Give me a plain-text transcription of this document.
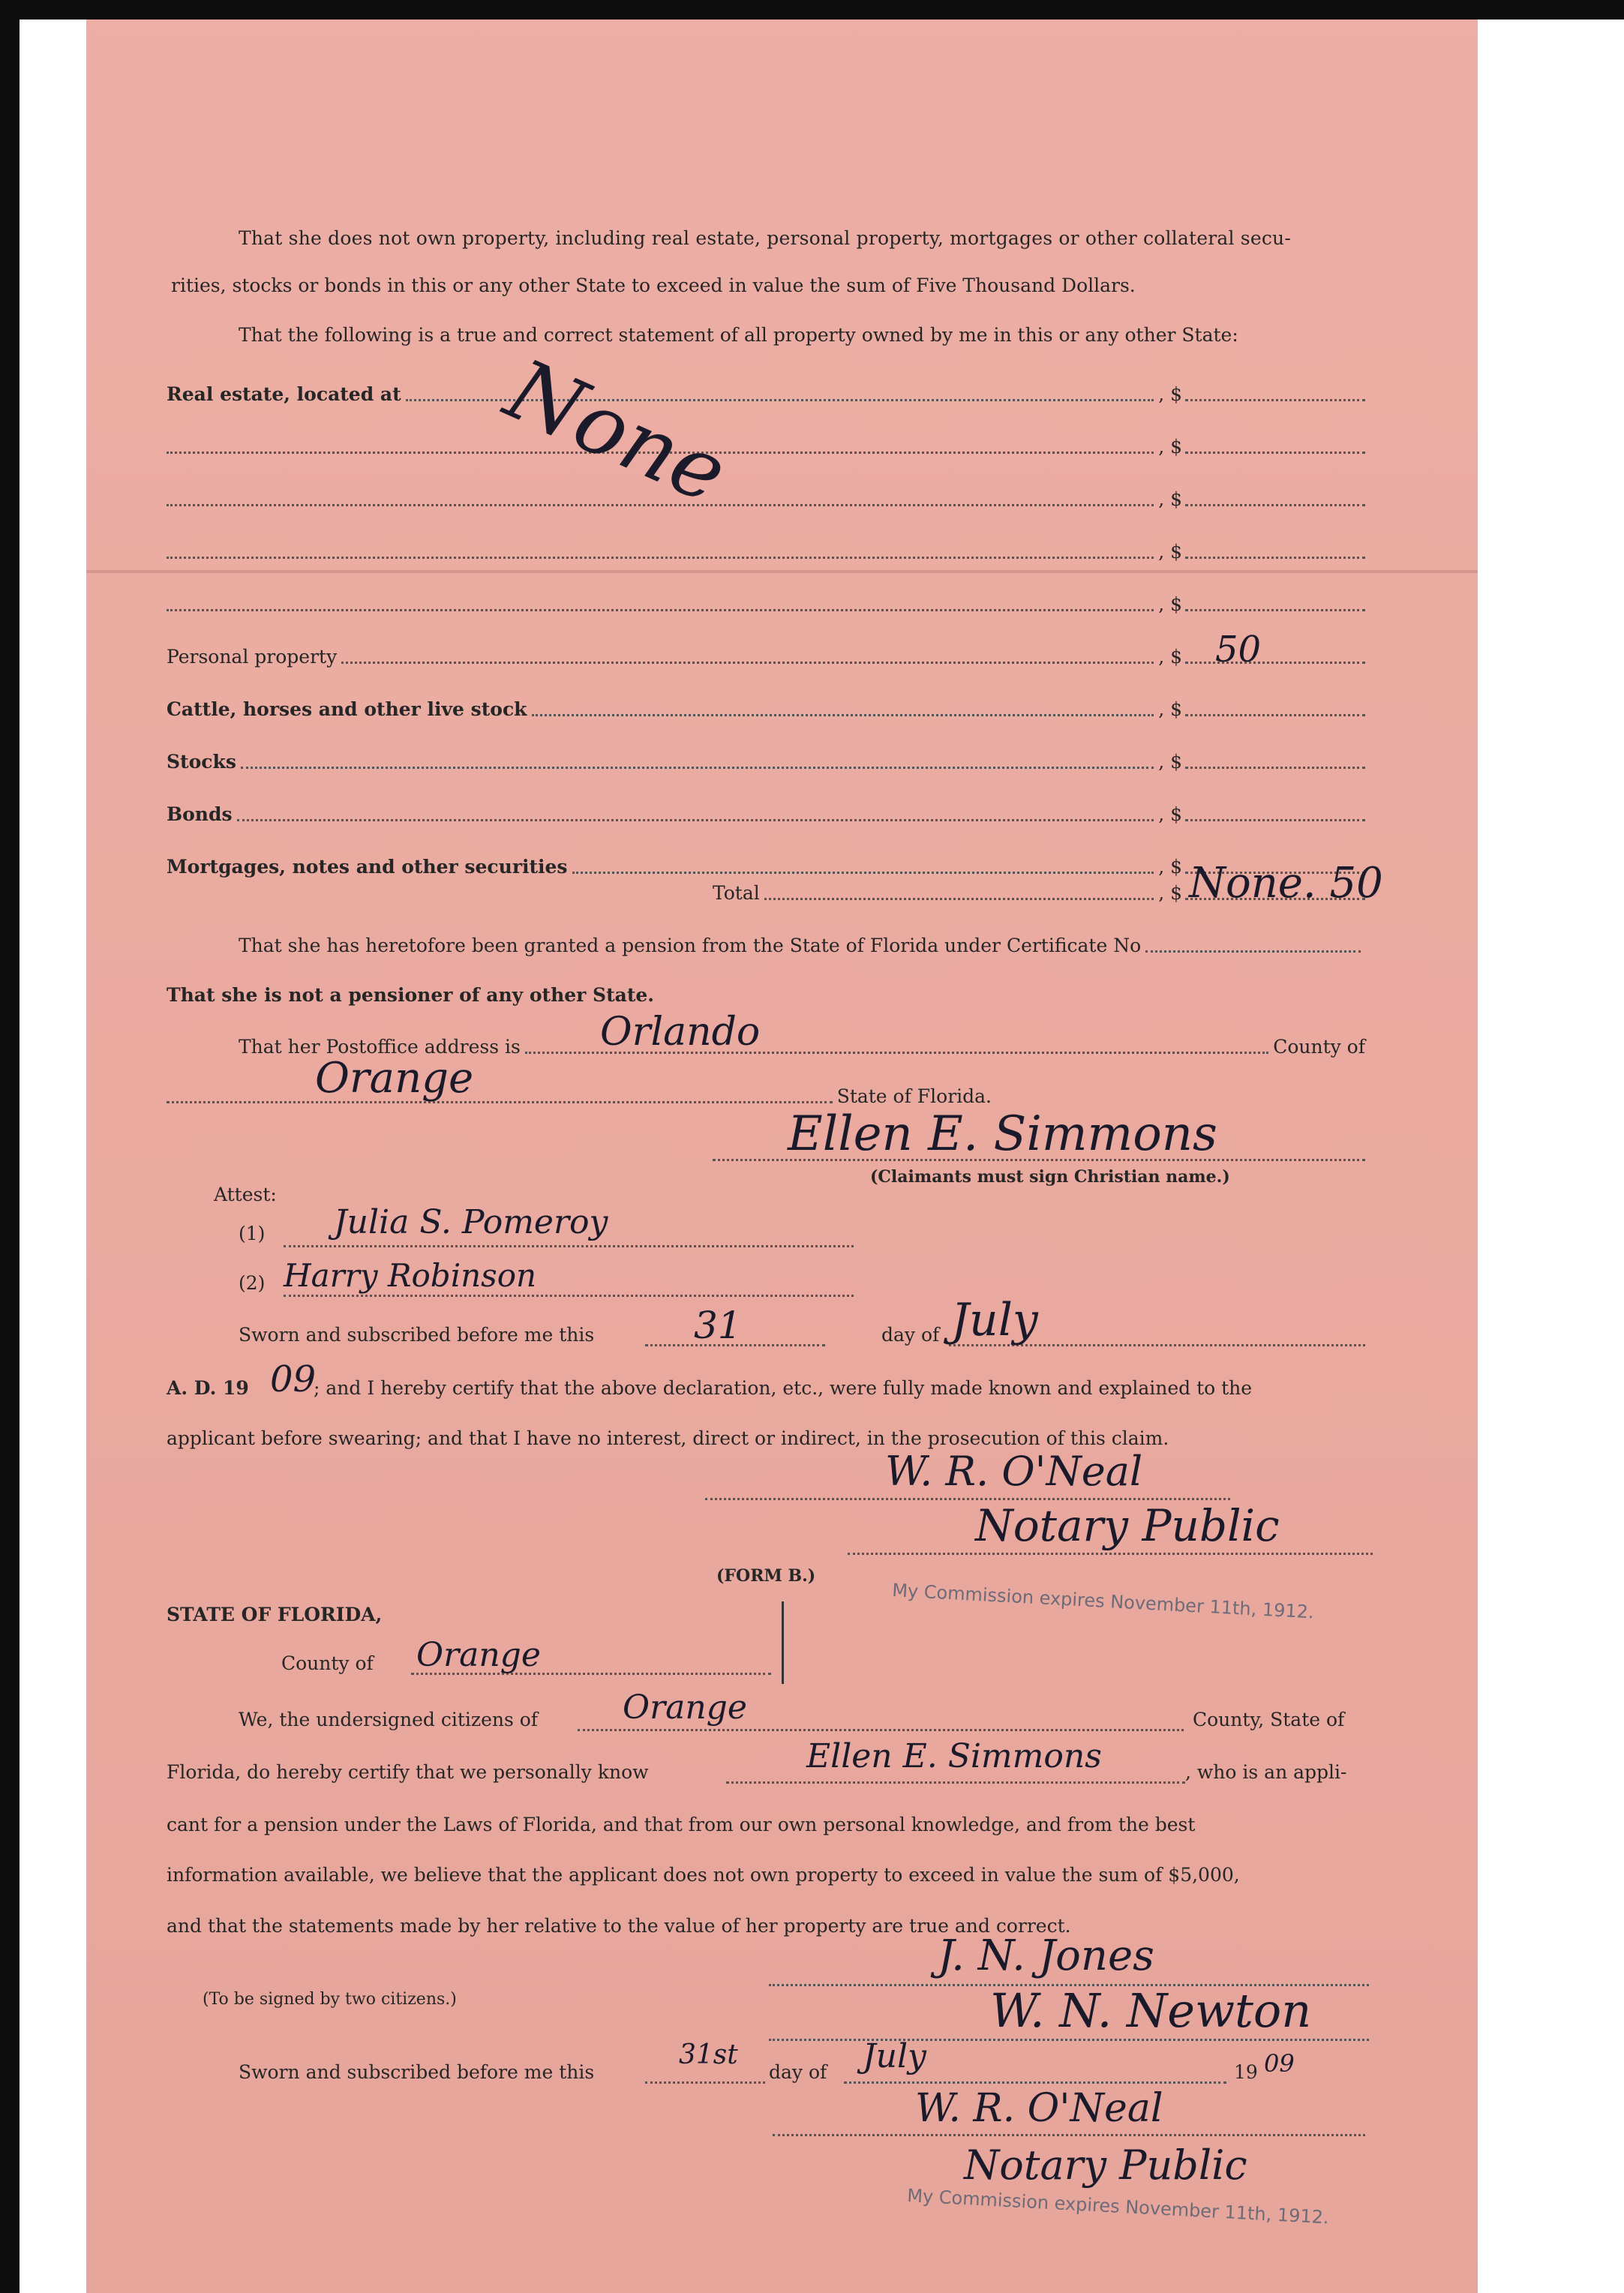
That she does not own property, including real estate, personal property, mortgages or other collateral secu-
rities, stocks or bonds in this or any other State to exceed in value the sum of Five Thousand Dollars.
That the following is a true and correct statement of all property owned by me in this or any other State:
Real estate, located at	, $
, $
, $
, $
, $
Personal property	, $ 50
Cattle, horses and other live stock	, $
Stocks	, $
Bonds	, $
Mortgages, notes and other securities	, $
None
Total	, $ None. 50
That she has heretofore been granted a pension from the State of Florida under Certificate No
That she is not a pensioner of any other State.
That her Postoffice address is	County of
Orlando
State of Florida.
Orange
Ellen E. Simmons
(Claimants must sign Christian name.)
Attest:
(1) Julia S. Pomeroy
(2) Harry Robinson
Sworn and subscribed before me this	31	day of July
A. D. 19 09
; and I hereby certify that the above declaration, etc., were fully made known and explained to the
applicant before swearing; and that I have no interest, direct or indirect, in the prosecution of this claim.
W. R. O'Neal
Notary Public
(FORM B.)
My Commission expires November 11th, 1912.
STATE OF FLORIDA,
County of Orange
We, the undersigned citizens of	Orange	County, State of
Florida, do hereby certify that we personally know	Ellen E. Simmons	, who is an appli-
cant for a pension under the Laws of Florida, and that from our own personal knowledge, and from the best
information available, we believe that the applicant does not own property to exceed in value the sum of $5,000,
and that the statements made by her relative to the value of her property are true and correct.
J. N. Jones
(To be signed by two citizens.)	W. N. Newton
Sworn and subscribed before me this
31st
day of July	19 09
W. R. O'Neal
Notary Public
My Commission expires November 11th, 1912.
